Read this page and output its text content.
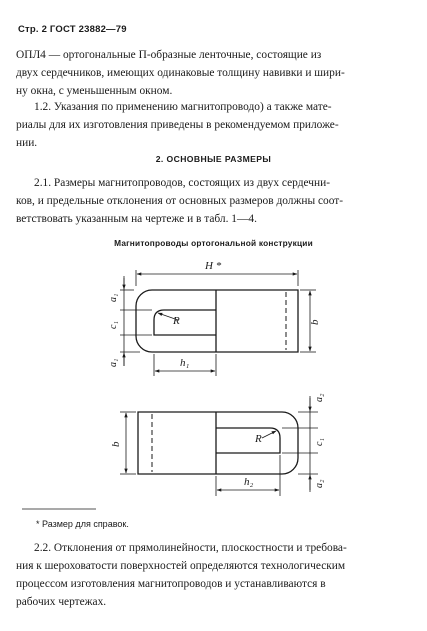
Стр. 2 ГОСТ 23882—79
ОПЛ4 — ортогональные П-образные ленточные, состоящие из
двух сердечников, имеющих одинаковые толщину навивки и шири-
ну окна, с уменьшенным окном.
1.2. Указания по применению магнитопроводо) а также мате-
риалы для их изготовления приведены в рекомендуемом приложе-
нии.
2. ОСНОВНЫЕ РАЗМЕРЫ
2.1. Размеры магнитопроводов, состоящих из двух сердечни-
ков, и предельные отклонения от основных размеров должны соот-
ветствовать указанным на чертеже и в табл. 1—4.
Магнитопроводы ортогональной конструкции
H *
a₁
c₁
a₁
R	b
h₁
a₂
b	R	c₁
a₂
h₂
* Размер для справок.
2.2. Отклонения от прямолинейности, плоскостности и требова-
ния к шероховатости поверхностей определяются технологическим
процессом изготовления магнитопроводов и устанавливаются в
рабочих чертежах.
